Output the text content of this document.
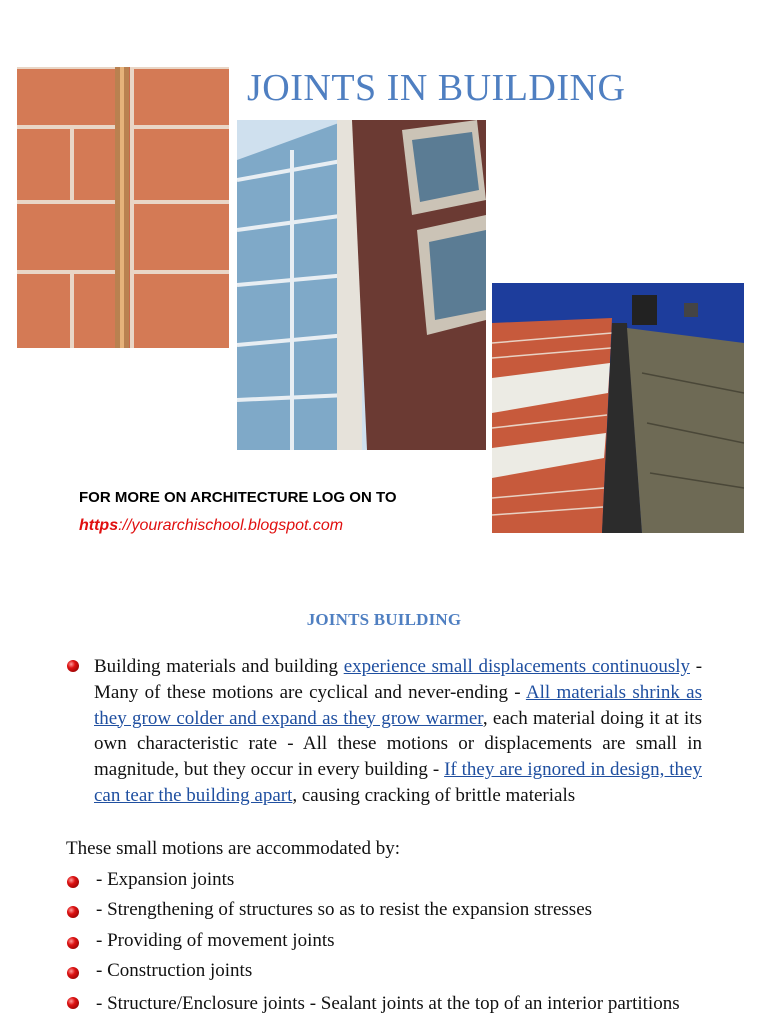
JOINTS IN BUILDING
FOR MORE ON ARCHITECTURE LOG ON TO
https://yourarchischool.blogspot.com
JOINTS BUILDING
Building materials and building experience small displacements continuously - Many of these motions are cyclical and never-ending - All materials shrink as they grow colder and expand as they grow warmer, each material doing it at its own characteristic rate - All these motions or displacements are small in magnitude, but they occur in every building - If they are ignored in design, they can tear the building apart, causing cracking of brittle materials
These small motions are accommodated by:
- Expansion joints
- Strengthening of structures so as to resist the expansion stresses
- Providing of movement joints
- Construction joints
- Structure/Enclosure joints - Sealant joints at the top of an interior partitions
